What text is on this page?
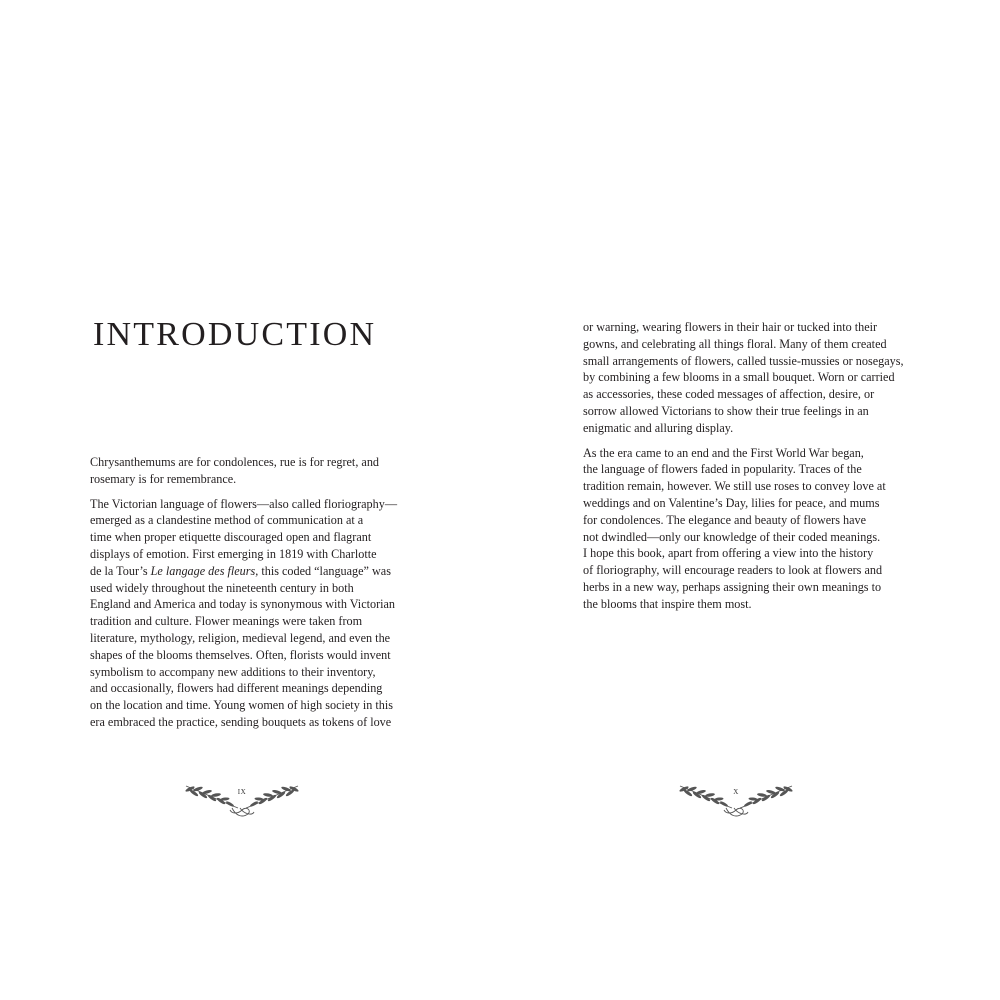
INTRODUCTION

Chrysanthemums are for condolences, rue is for regret, and
rosemary is for remembrance.

The Victorian language of flowers—also called floriography—
emerged as a clandestine method of communication at a
time when proper etiquette discouraged open and flagrant
displays of emotion. First emerging in 1819 with Charlotte
de la Tour’s Le langage des fleurs, this coded “language” was
used widely throughout the nineteenth century in both
England and America and today is synonymous with Victorian
tradition and culture. Flower meanings were taken from
literature, mythology, religion, medieval legend, and even the
shapes of the blooms themselves. Often, florists would invent
symbolism to accompany new additions to their inventory,
and occasionally, flowers had different meanings depending
on the location and time. Young women of high society in this
era embraced the practice, sending bouquets as tokens of love

IX

or warning, wearing flowers in their hair or tucked into their
gowns, and celebrating all things floral. Many of them created
small arrangements of flowers, called tussie-mussies or nosegays,
by combining a few blooms in a small bouquet. Worn or carried
as accessories, these coded messages of affection, desire, or
sorrow allowed Victorians to show their true feelings in an
enigmatic and alluring display.

As the era came to an end and the First World War began,
the language of flowers faded in popularity. Traces of the
tradition remain, however. We still use roses to convey love at
weddings and on Valentine’s Day, lilies for peace, and mums
for condolences. The elegance and beauty of flowers have
not dwindled—only our knowledge of their coded meanings.
I hope this book, apart from offering a view into the history
of floriography, will encourage readers to look at flowers and
herbs in a new way, perhaps assigning their own meanings to
the blooms that inspire them most.

X
